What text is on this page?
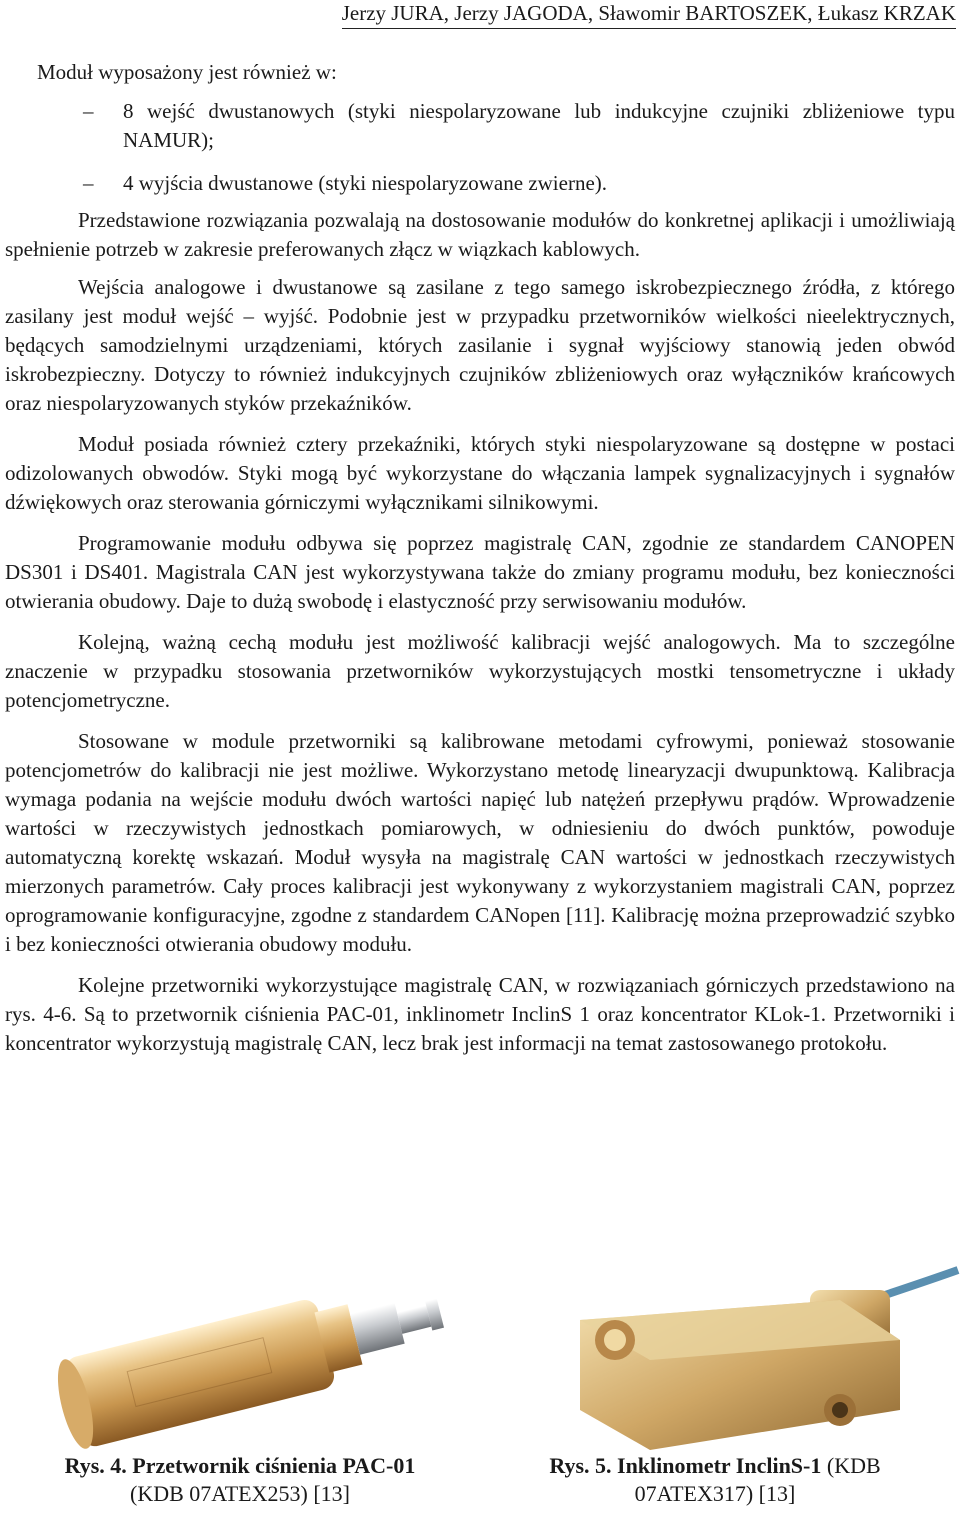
Jerzy JURA, Jerzy JAGODA, Sławomir BARTOSZEK, Łukasz KRZAK

Moduł wyposażony jest również w:

– 8 wejść dwustanowych (styki niespolaryzowane lub indukcyjne czujniki zbliżeniowe typu NAMUR);
– 4 wyjścia dwustanowe (styki niespolaryzowane zwierne).

Przedstawione rozwiązania pozwalają na dostosowanie modułów do konkretnej aplikacji i umożliwiają spełnienie potrzeb w zakresie preferowanych złącz w wiązkach kablowych.

Wejścia analogowe i dwustanowe są zasilane z tego samego iskrobezpiecznego źródła, z którego zasilany jest moduł wejść – wyjść. Podobnie jest w przypadku przetworników wielkości nieelektrycznych, będących samodzielnymi urządzeniami, których zasilanie i sygnał wyjściowy stanowią jeden obwód iskrobezpieczny. Dotyczy to również indukcyjnych czujników zbliżeniowych oraz wyłączników krańcowych oraz niespolaryzowanych styków przekaźników.

Moduł posiada również cztery przekaźniki, których styki niespolaryzowane są dostępne w postaci odizolowanych obwodów. Styki mogą być wykorzystane do włączania lampek sygnalizacyjnych i sygnałów dźwiękowych oraz sterowania górniczymi wyłącznikami silnikowymi.

Programowanie modułu odbywa się poprzez magistralę CAN, zgodnie ze standardem CANOPEN DS301 i DS401. Magistrala CAN jest wykorzystywana także do zmiany programu modułu, bez konieczności otwierania obudowy. Daje to dużą swobodę i elastyczność przy serwisowaniu modułów.

Kolejną, ważną cechą modułu jest możliwość kalibracji wejść analogowych. Ma to szczególne znaczenie w przypadku stosowania przetworników wykorzystujących mostki tensometryczne i układy potencjometryczne.

Stosowane w module przetworniki są kalibrowane metodami cyfrowymi, ponieważ stosowanie potencjometrów do kalibracji nie jest możliwe. Wykorzystano metodę linearyzacji dwupunktową. Kalibracja wymaga podania na wejście modułu dwóch wartości napięć lub natężeń przepływu prądów. Wprowadzenie wartości w rzeczywistych jednostkach pomiarowych, w odniesieniu do dwóch punktów, powoduje automatyczną korektę wskazań. Moduł wysyła na magistralę CAN wartości w jednostkach rzeczywistych mierzonych parametrów. Cały proces kalibracji jest wykonywany z wykorzystaniem magistrali CAN, poprzez oprogramowanie konfiguracyjne, zgodne z standardem CANopen [11]. Kalibrację można przeprowadzić szybko i bez konieczności otwierania obudowy modułu.

Kolejne przetworniki wykorzystujące magistralę CAN, w rozwiązaniach górniczych przedstawiono na rys. 4-6. Są to przetwornik ciśnienia PAC-01, inklinometr InclinS 1 oraz koncentrator KLok-1. Przetworniki i koncentrator wykorzystują magistralę CAN, lecz brak jest informacji na temat zastosowanego protokołu.

Rys. 4. Przetwornik ciśnienia PAC-01
(KDB 07ATEX253) [13]
Rys. 5. Inklinometr InclinS-1 (KDB
07ATEX317) [13]
